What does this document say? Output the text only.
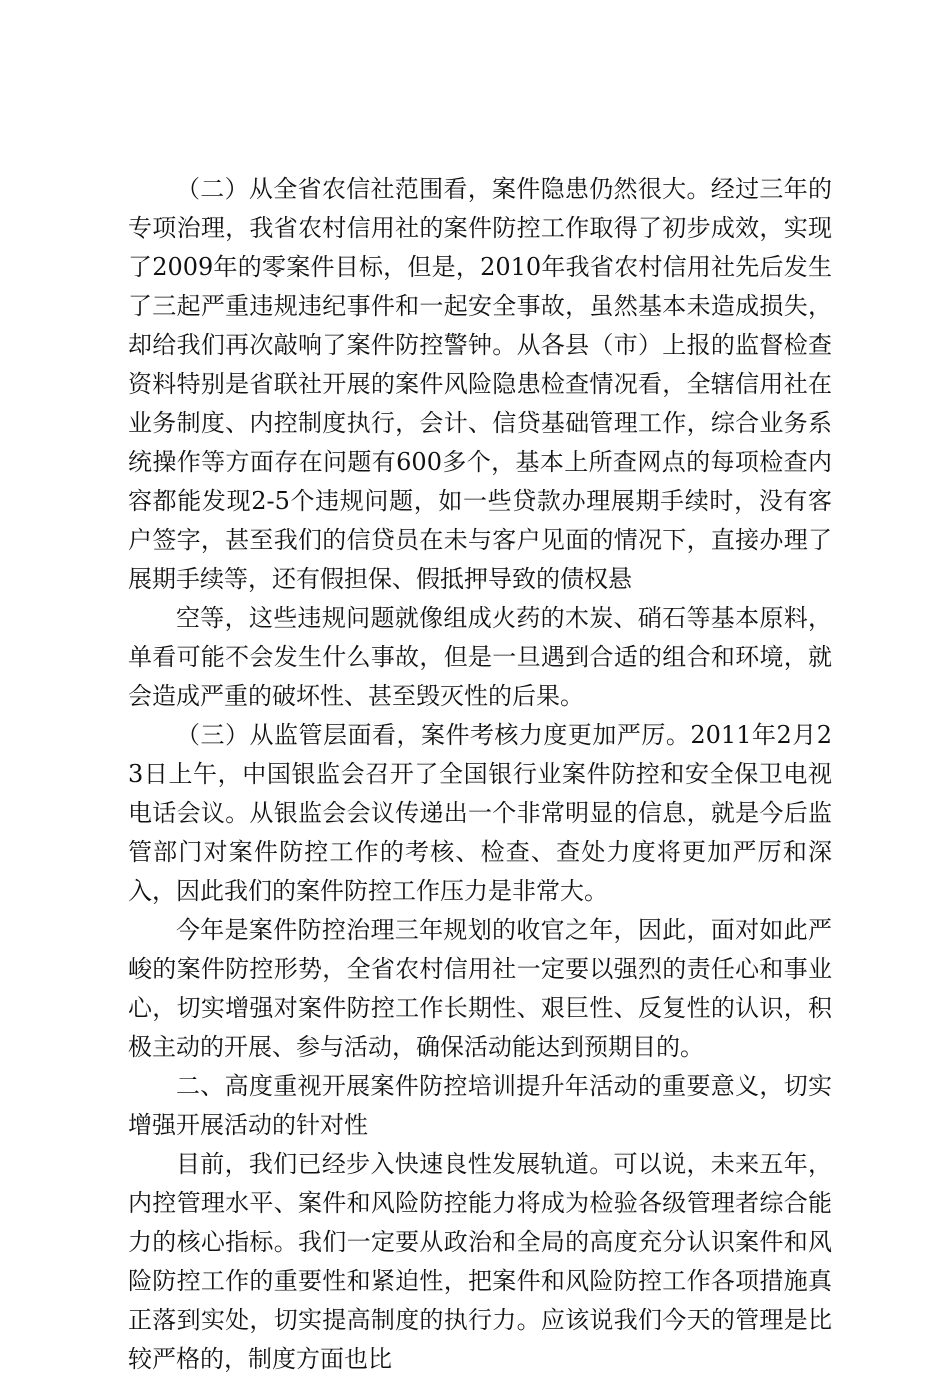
（二）从全省农信社范围看，案件隐患仍然很大。经过三年的专项治理，我省农村信用社的案件防控工作取得了初步成效，实现了2009年的零案件目标，但是，2010年我省农村信用社先后发生了三起严重违规违纪事件和一起安全事故，虽然基本未造成损失，却给我们再次敲响了案件防控警钟。从各县（市）上报的监督检查资料特别是省联社开展的案件风险隐患检查情况看，全辖信用社在业务制度、内控制度执行，会计、信贷基础管理工作，综合业务系统操作等方面存在问题有600多个，基本上所查网点的每项检查内容都能发现2-5个违规问题，如一些贷款办理展期手续时，没有客户签字，甚至我们的信贷员在未与客户见面的情况下，直接办理了展期手续等，还有假担保、假抵押导致的债权悬

空等，这些违规问题就像组成火药的木炭、硝石等基本原料，单看可能不会发生什么事故，但是一旦遇到合适的组合和环境，就会造成严重的破坏性、甚至毁灭性的后果。

（三）从监管层面看，案件考核力度更加严厉。2011年2月23日上午，中国银监会召开了全国银行业案件防控和安全保卫电视电话会议。从银监会会议传递出一个非常明显的信息，就是今后监管部门对案件防控工作的考核、检查、查处力度将更加严厉和深入，因此我们的案件防控工作压力是非常大。

今年是案件防控治理三年规划的收官之年，因此，面对如此严峻的案件防控形势，全省农村信用社一定要以强烈的责任心和事业心，切实增强对案件防控工作长期性、艰巨性、反复性的认识，积极主动的开展、参与活动，确保活动能达到预期目的。

二、高度重视开展案件防控培训提升年活动的重要意义，切实增强开展活动的针对性

目前，我们已经步入快速良性发展轨道。可以说，未来五年，内控管理水平、案件和风险防控能力将成为检验各级管理者综合能力的核心指标。我们一定要从政治和全局的高度充分认识案件和风险防控工作的重要性和紧迫性，把案件和风险防控工作各项措施真正落到实处，切实提高制度的执行力。应该说我们今天的管理是比较严格的，制度方面也比
